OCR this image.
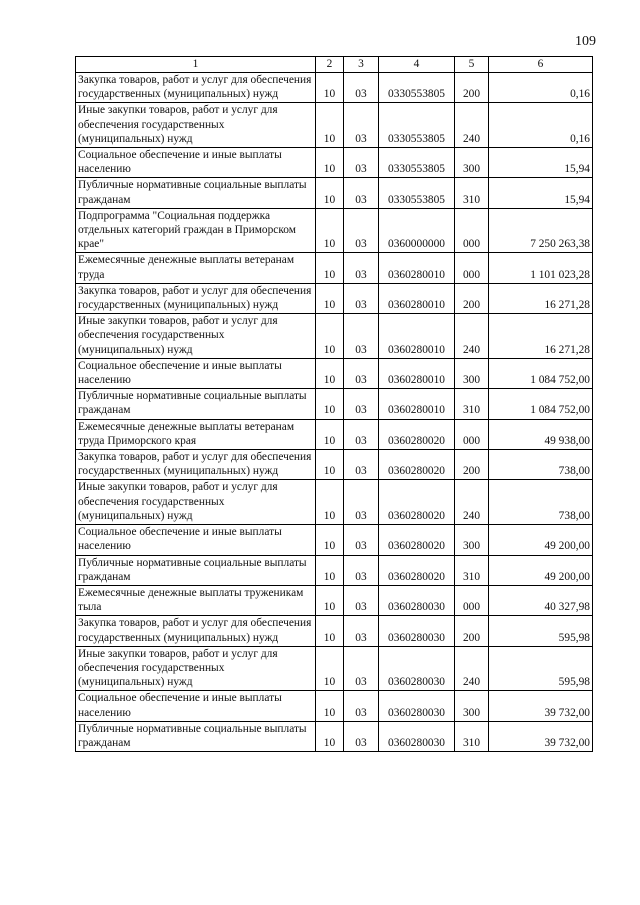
109
1	2	3	4	5	6
Закупка товаров, работ и услуг для обеспечения государственных (муниципальных) нужд	10	03	0330553805	200	0,16
Иные закупки товаров, работ и услуг для обеспечения государственных (муниципальных) нужд	10	03	0330553805	240	0,16
Социальное обеспечение и иные выплаты населению	10	03	0330553805	300	15,94
Публичные нормативные социальные выплаты гражданам	10	03	0330553805	310	15,94
Подпрограмма "Социальная поддержка отдельных категорий граждан в Приморском крае"	10	03	0360000000	000	7 250 263,38
Ежемесячные денежные выплаты ветеранам труда	10	03	0360280010	000	1 101 023,28
Закупка товаров, работ и услуг для обеспечения государственных (муниципальных) нужд	10	03	0360280010	200	16 271,28
Иные закупки товаров, работ и услуг для обеспечения государственных (муниципальных) нужд	10	03	0360280010	240	16 271,28
Социальное обеспечение и иные выплаты населению	10	03	0360280010	300	1 084 752,00
Публичные нормативные социальные выплаты гражданам	10	03	0360280010	310	1 084 752,00
Ежемесячные денежные выплаты ветеранам труда Приморского края	10	03	0360280020	000	49 938,00
Закупка товаров, работ и услуг для обеспечения государственных (муниципальных) нужд	10	03	0360280020	200	738,00
Иные закупки товаров, работ и услуг для обеспечения государственных (муниципальных) нужд	10	03	0360280020	240	738,00
Социальное обеспечение и иные выплаты населению	10	03	0360280020	300	49 200,00
Публичные нормативные социальные выплаты гражданам	10	03	0360280020	310	49 200,00
Ежемесячные денежные выплаты труженикам тыла	10	03	0360280030	000	40 327,98
Закупка товаров, работ и услуг для обеспечения государственных (муниципальных) нужд	10	03	0360280030	200	595,98
Иные закупки товаров, работ и услуг для обеспечения государственных (муниципальных) нужд	10	03	0360280030	240	595,98
Социальное обеспечение и иные выплаты населению	10	03	0360280030	300	39 732,00
Публичные нормативные социальные выплаты гражданам	10	03	0360280030	310	39 732,00
